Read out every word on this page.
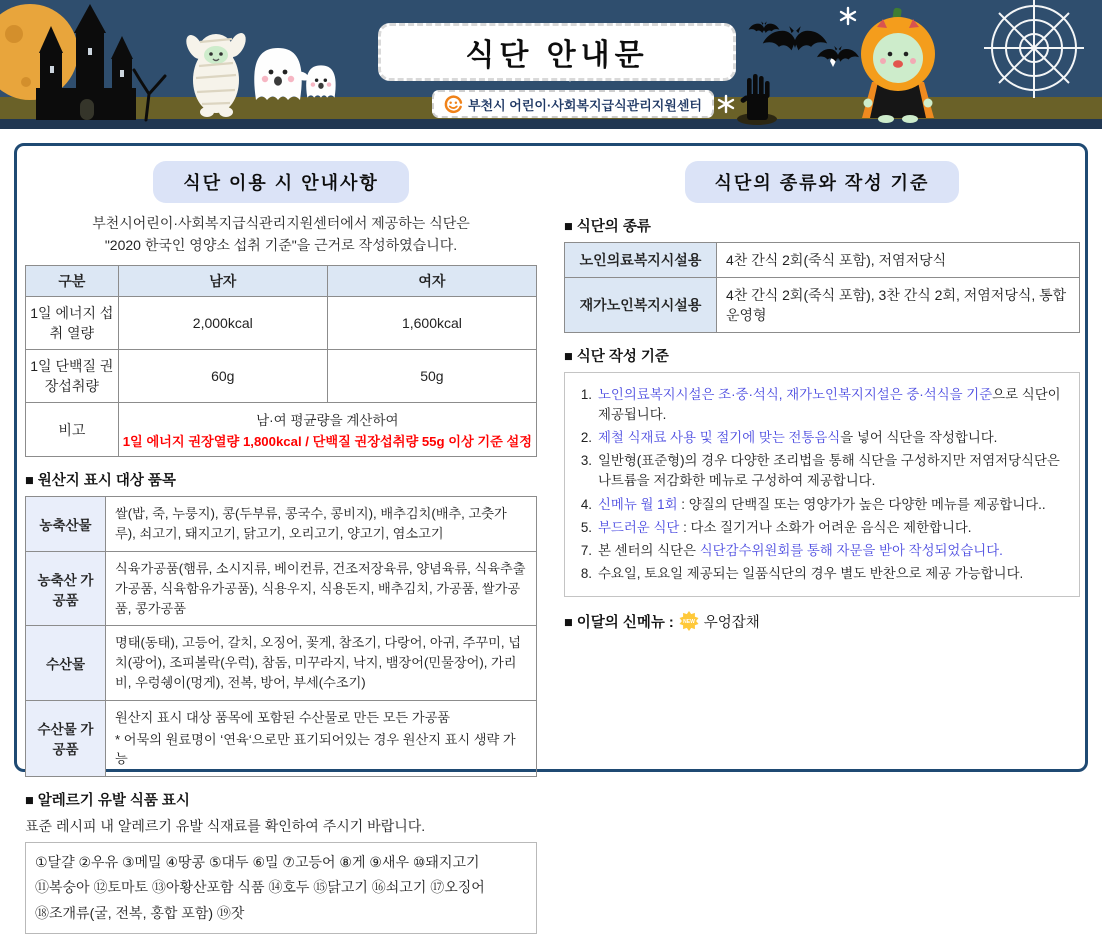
식단 안내문
부천시 어린이·사회복지급식관리지원센터
식단 이용 시 안내사항

부천시어린이·사회복지급식관리지원센터에서 제공하는 식단은
"2020 한국인 영양소 섭취 기준"을 근거로 작성하였습니다.

구분	남자	여자
1일 에너지 섭취 열량	2,000kcal	1,600kcal
1일 단백질 권장섭취량	60g	50g
비고	남·여 평균량을 계산하여
1일 에너지 권장열량 1,800kcal / 단백질 권장섭취량 55g 이상 기준 설정	
■ 원산지 표시 대상 품목
농축산물	쌀(밥, 죽, 누룽지), 콩(두부류, 콩국수, 콩비지), 배추김치(배추, 고춧가루), 쇠고기, 돼지고기, 닭고기, 오리고기, 양고기, 염소고기
농축산 가공품	식육가공품(햄류, 소시지류, 베이컨류, 건조저장육류, 양념육류, 식육추출가공품, 식육함유가공품), 식용우지, 식용돈지, 배추김치, 가공품, 쌀가공품, 콩가공품
수산물	명태(동태), 고등어, 갈치, 오징어, 꽃게, 참조기, 다랑어, 아귀, 주꾸미, 넙치(광어), 조피볼락(우럭), 참돔, 미꾸라지, 낙지, 뱀장어(민물장어), 가리비, 우렁쉥이(멍게), 전복, 방어, 부세(수조기)
수산물 가공품	원산지 표시 대상 품목에 포함된 수산물로 만든 모든 가공품
* 어묵의 원료명이 ‘연육‘으로만 표기되어있는 경우 원산지 표시 생략 가능
■ 알레르기 유발 식품 표시

표준 레시피 내 알레르기 유발 식재료를 확인하여 주시기 바랍니다.

①달걀 ②우유 ③메밀 ④땅콩 ⑤대두 ⑥밀 ⑦고등어 ⑧게 ⑨새우 ⑩돼지고기
⑪복숭아 ⑫토마토 ⑬아황산포함 식품 ⑭호두 ⑮닭고기 ⑯쇠고기 ⑰오징어
⑱조개류(굴, 전복, 홍합 포함) ⑲잣
식단의 종류와 작성 기준
■ 식단의 종류
노인의료복지시설용	4찬 간식 2회(죽식 포함), 저염저당식
재가노인복지시설용	4찬 간식 2회(죽식 포함), 3찬 간식 2회, 저염저당식, 통합운영형
■ 식단 작성 기준
1. 노인의료복지시설은 조·중·석식, 재가노인복지지설은 중·석식을 기준으로 식단이 제공됩니다.
2. 제철 식재료 사용 및 절기에 맞는 전통음식을 넣어 식단을 작성합니다.
3. 일반형(표준형)의 경우 다양한 조리법을 통해 식단을 구성하지만 저염저당식단은 나트륨을 저감화한 메뉴로 구성하여 제공합니다.
4. 신메뉴 월 1회 : 양질의 단백질 또는 영양가가 높은 다양한 메뉴를 제공합니다..
5. 부드러운 식단 : 다소 질기거나 소화가 어려운 음식은 제한합니다.
7. 본 센터의 식단은 식단감수위원회를 통해 자문을 받아 작성되었습니다.
8. 수요일, 토요일 제공되는 일품식단의 경우 별도 반찬으로 제공 가능합니다.
■ 이달의 신메뉴 : NEW 우엉잡채
